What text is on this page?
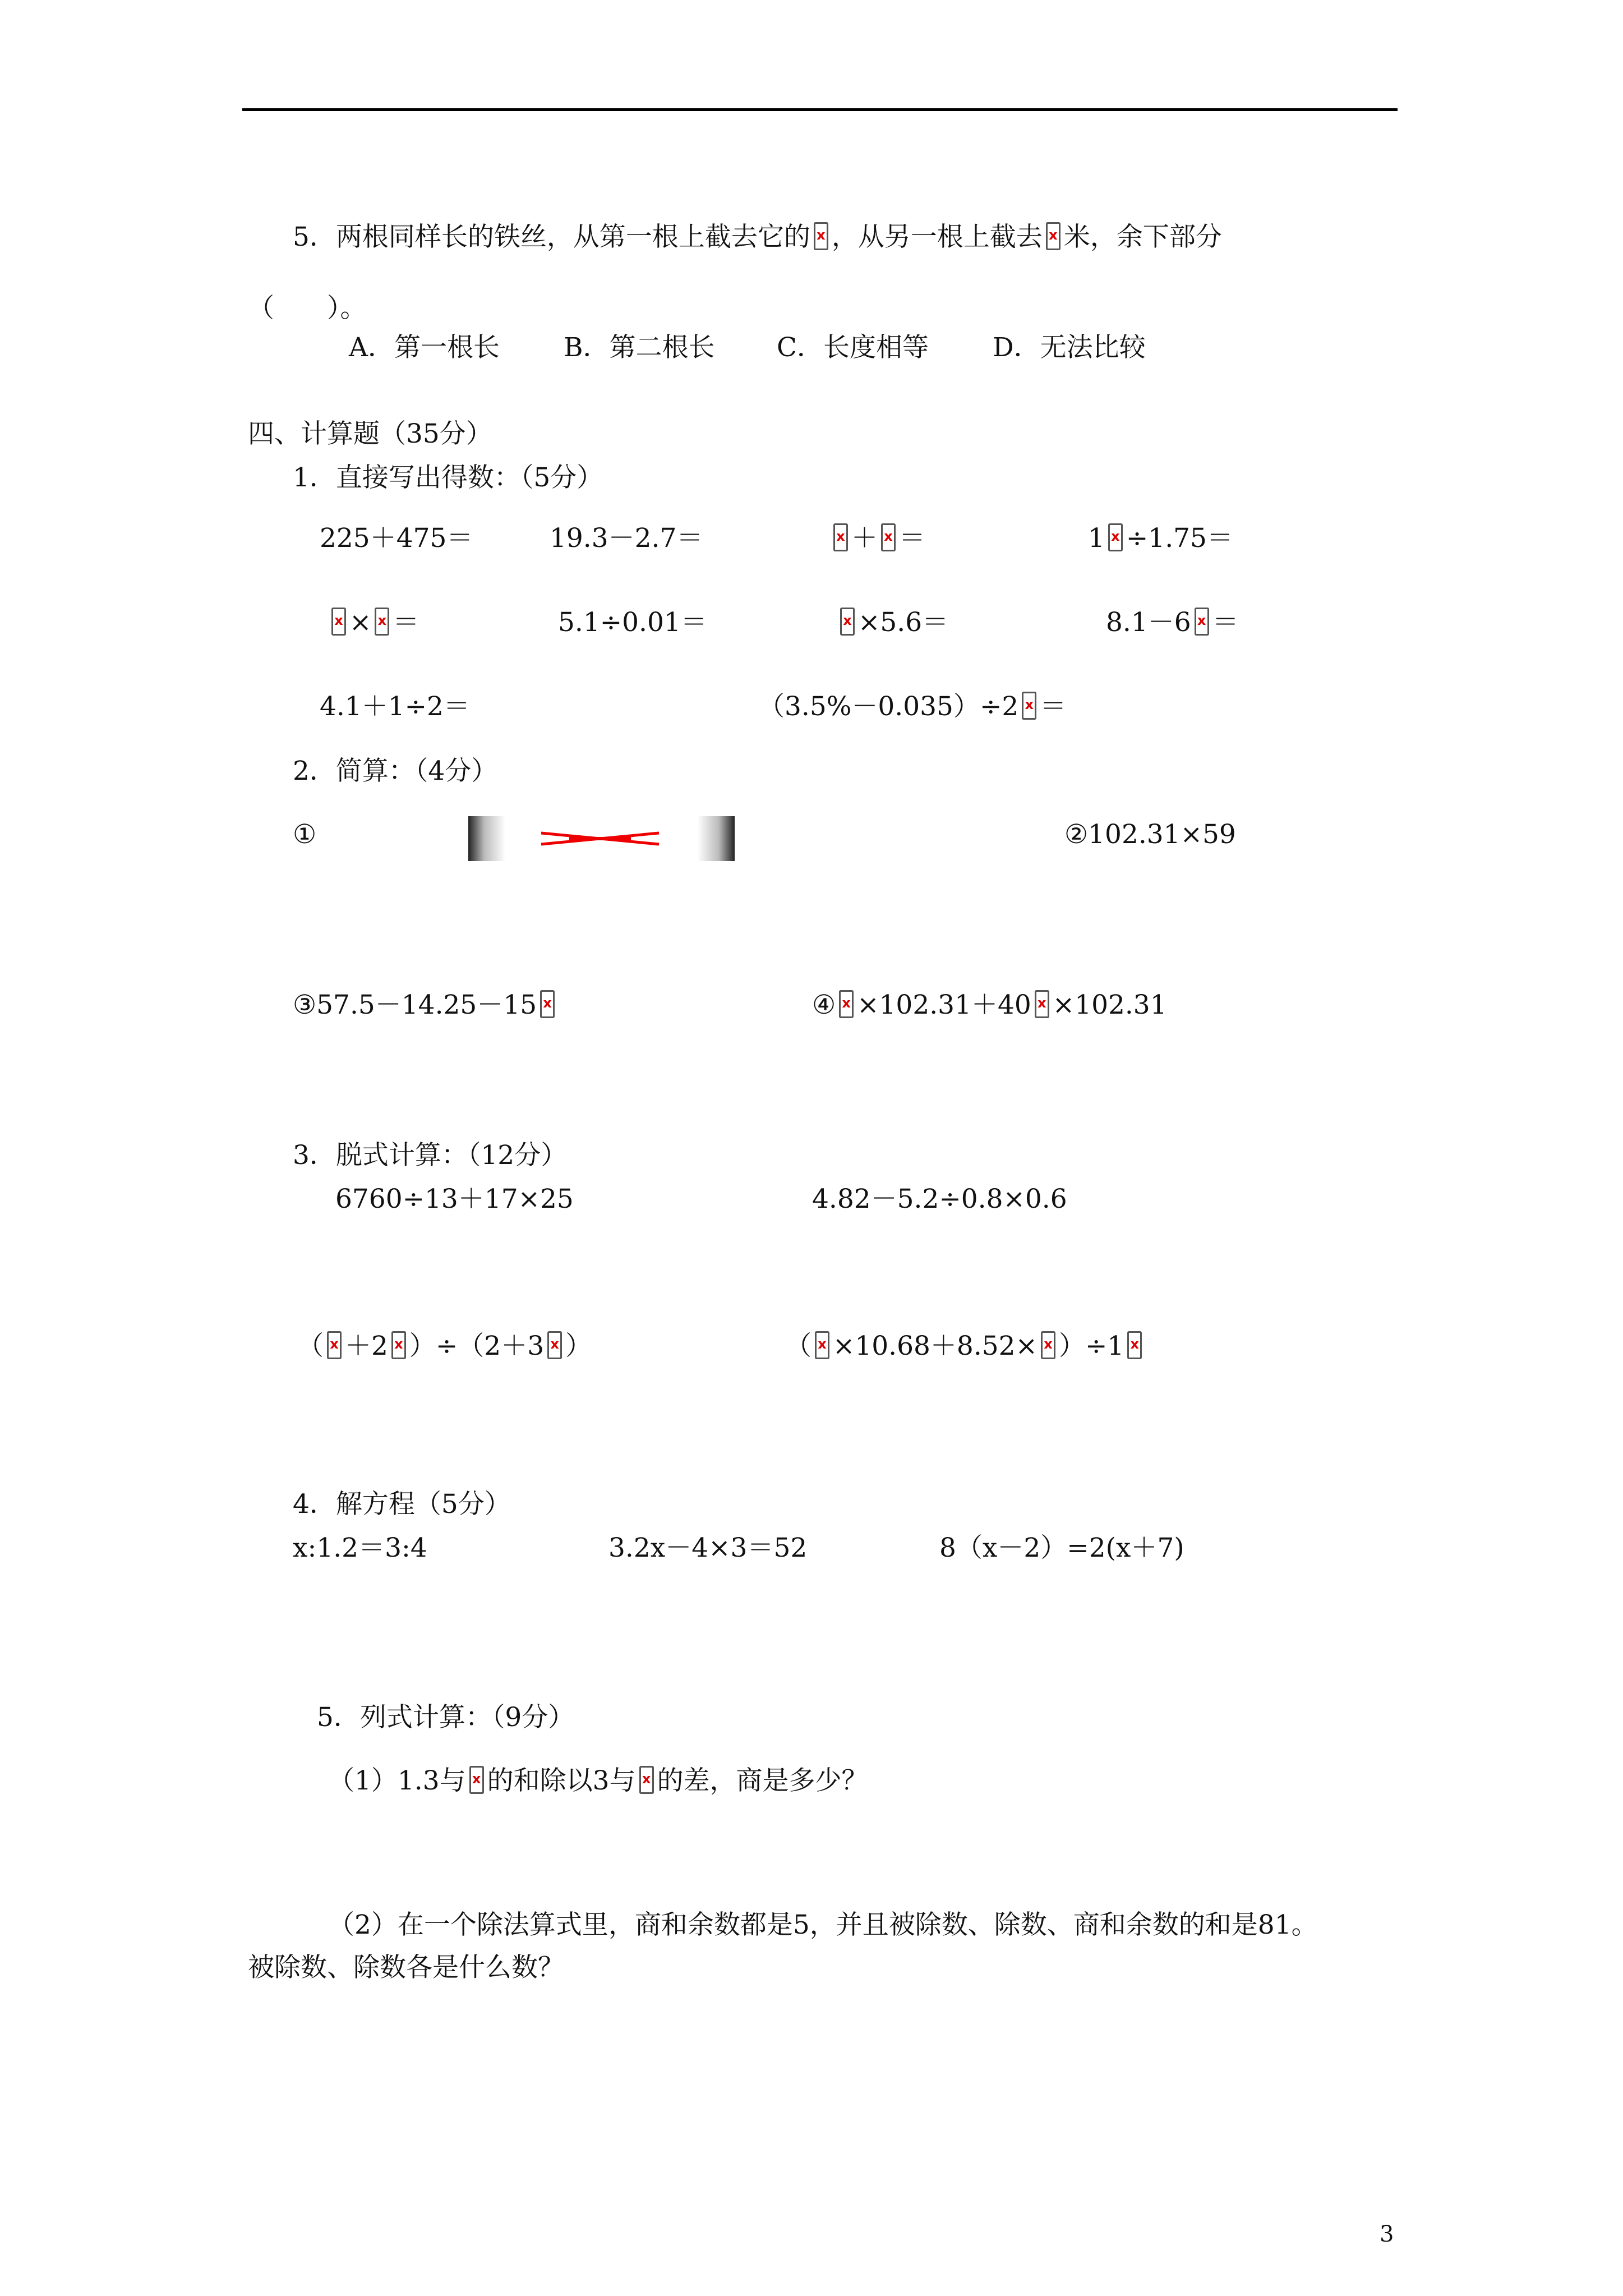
5．两根同样长的铁丝，从第一根上截去它的 x ，从另一根上截去 x 米，余下部分
（　　）。
A．第一根长 B．第二根长 C．长度相等 D．无法比较
四、计算题（35分）
1．直接写出得数：（5分）
225＋475＝	19.3－2.7＝ x	＋ x ＝	1 x ÷1.75＝
x× x ＝	5.1÷0.01＝ x	×5.6＝	8.1－6 x ＝
4.1＋1÷2＝	（3.5%－0.035）÷2 x ＝
2．简算：（4分）
①	②102.31×59
③57.5－14.25－15 x	④ x ×102.31＋40 x ×102.31
3．脱式计算：（12分）
6760÷13＋17×25	4.82－5.2÷0.8×0.6
（ x ＋2 x ）÷（2＋3 x ）	（ x ×10.68＋8.52× x ）÷1x
4．解方程（5分）
x:1.2＝3:4	3.2x－4×3＝52	8（x－2）=2(x＋7)
5．列式计算：（9分）
（1）1.3与 x 的和除以3与 x 的差，商是多少？
（2）在一个除法算式里，商和余数都是5，并且被除数、除数、商和余数的和是81。
被除数、除数各是什么数？
3
